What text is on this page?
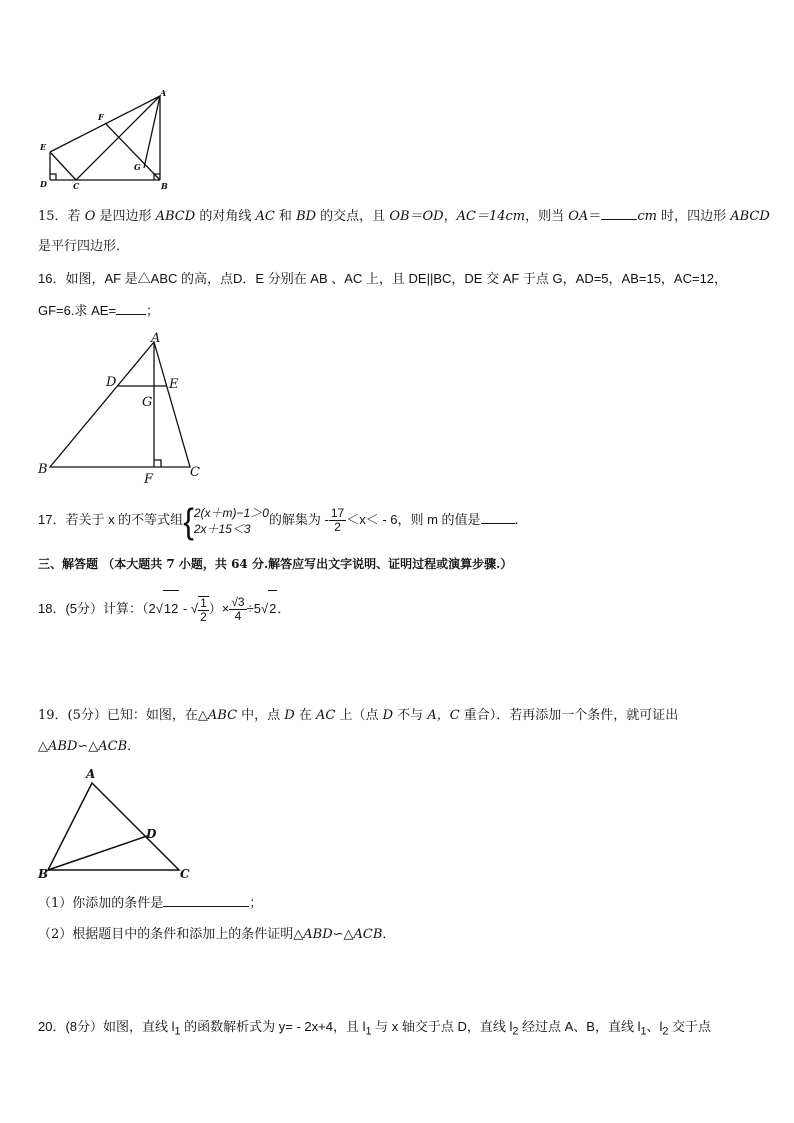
A
B
C
D
E
F
G
15．若 O 是四边形 ABCD 的对角线 AC 和 BD 的交点，且 OB＝OD，AC＝14cm，则当 OA＝	cm 时，四边形 ABCD
是平行四边形．
16．如图，AF 是△ABC 的高，点D．E 分别在 AB 、AC 上，且 DE||BC，DE 交 AF 于点 G，AD=5，AB=15，AC=12，
GF=6.求 AE= ；
A
B	C
D	E
F
G
17．若关于 x 的不等式组{ 2(x＋m)−1＞0
2x＋15＜3
的解集为 - $\frac{17}{2} <x< - 6$，则 m 的值是	．
三、解答题 （本大题共 7 小题，共 64 分.解答应写出文字说明、证明过程或演算步骤.）
18．(5分）计算：（2√12 - √ $\frac{1}{2}$ ）× $\frac{√3}{4} \div 5√2$．
19．(5分）已知：如图，在△ABC 中，点 D 在 AC 上（点 D 不与 A，C 重合）．若再添加一个条件，就可证出
△ABD∽△ACB．
A
B	C
D
（1）你添加的条件是	；
（2）根据题目中的条件和添加上的条件证明△ABD∽△ACB．
20．(8分）如图，直线 $l_1$ 的函数解析式为 y= - 2x+4，且 $l_1$ 与 x 轴交于点 D，直线 $l_2$ 经过点 A、B，直线 $l_1$、$l_2$ 交于点
